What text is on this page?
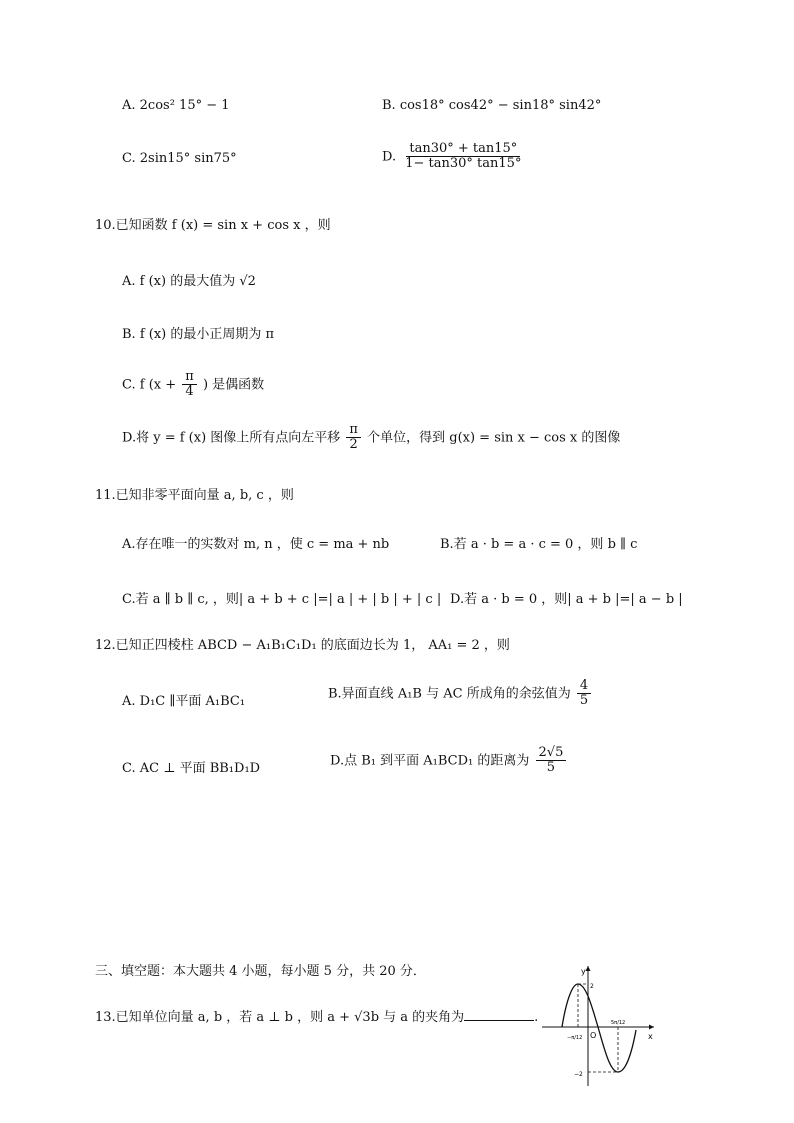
A. 2cos² 15° − 1	B. cos18° cos42° − sin18° sin42°
C. 2sin15° sin75°	D. $\frac{\tan 30^\circ + \tan 15^\circ}{1- \tan 30^\circ \tan 15^\circ}$
10.已知函数 f (x) = sin x + cos x ，则
A. f (x) 的最大值为 √2
B. f (x) 的最小正周期为 π
C. f ($x + \frac{\pi}{4}$ ) 是偶函数
D.将 y = f (x) 图像上所有点向左平移 $\frac{\pi}{2}$ 个单位，得到 g(x) = sin x − cos x 的图像
11.已知非零平面向量 a, b, c ，则
A.存在唯一的实数对 m, n ，使 c = ma + nb	B.若 a · b = a · c = 0 ，则 b ∥ c
C.若 a ∥ b ∥ c, ，则| a + b + c |=| a | + | b | + | c | D.若 a · b = 0 ，则| a + b |=| a − b |
12.已知正四棱柱 ABCD − A₁B₁C₁D₁ 的底面边长为 1， AA₁ = 2 ，则
A. D₁C ∥平面 A₁BC₁
B.异面直线 A₁B 与 AC 所成角的余弦值为 $\frac{4}{5}$
C. AC ⊥ 平面 BB₁D₁D
D.点 B₁ 到平面 A₁BCD₁ 的距离为 $\frac{2√5}{5}$
三、填空题：本大题共 4 小题，每小题 5 分，共 20 分．
13.已知单位向量 a, b ，若 a ⊥ b ，则 a + √3b 与 a 的夹角为	.
y
x
O
2
−2
−π/12
5π/12
